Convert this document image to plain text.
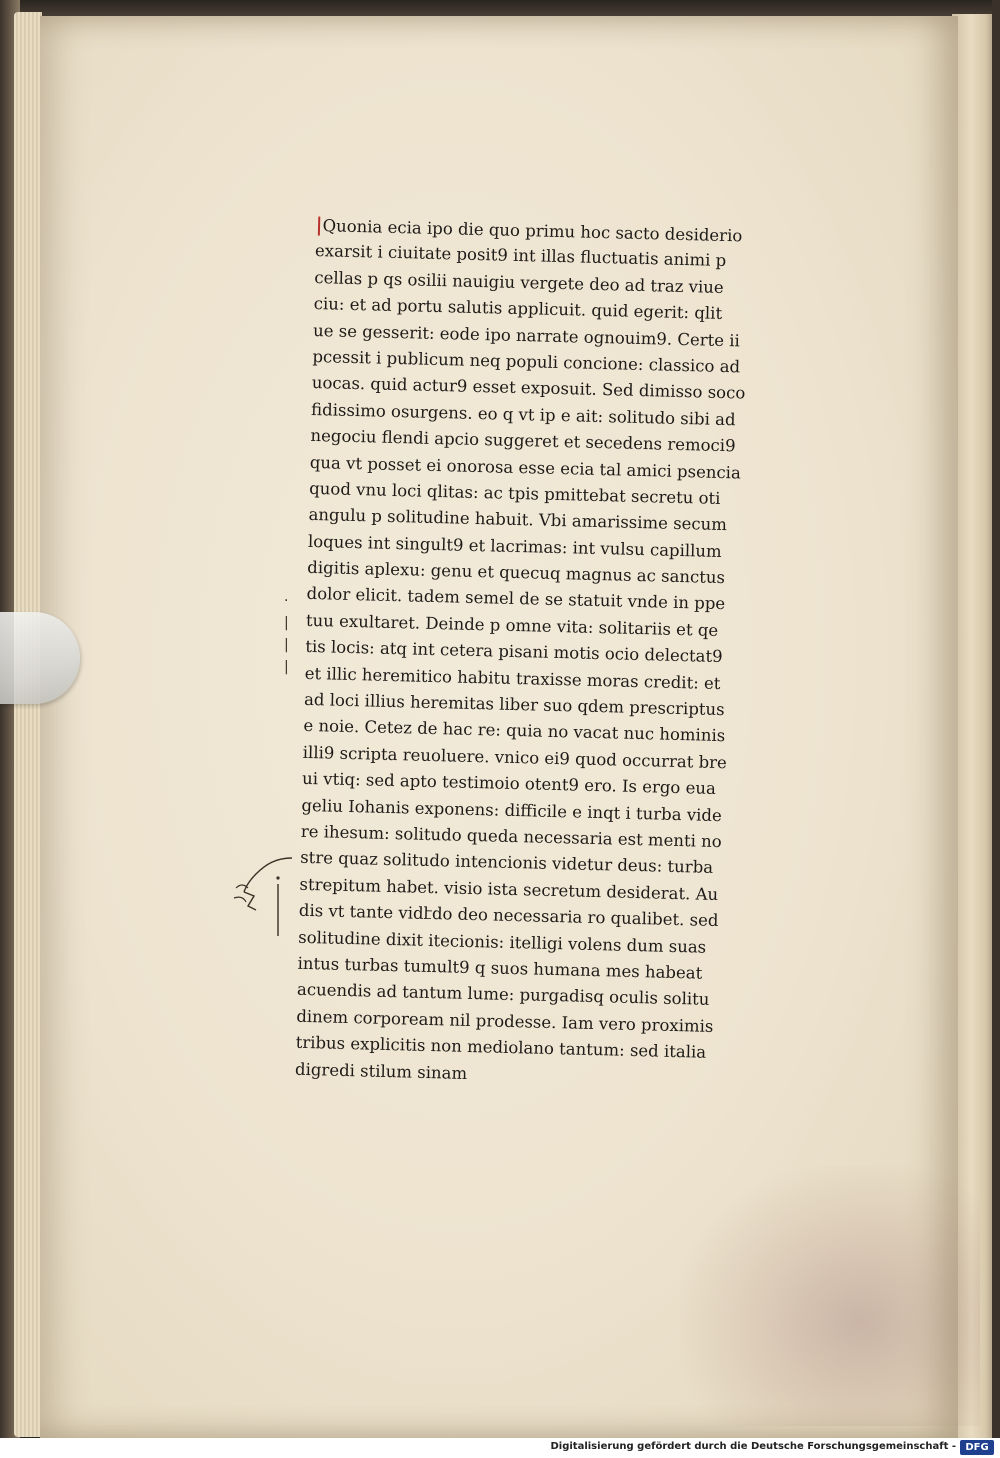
·
|
|
|
|Quonia ecia ipo die quo primu hoc sacto desiderio
exarsit i ciuitate posit9 int illas fluctuatis animi p
cellas p qs osilii nauigiu vergete deo ad traz viue
ciu: et ad portu salutis applicuit. quid egerit: qlit
ue se gesserit: eode ipo narrate ognouim9. Certe ii
pcessit i publicum neq populi concione: classico ad
uocas. quid actur9 esset exposuit. Sed dimisso soco
fidissimo osurgens. eo q vt ip e ait: solitudo sibi ad
negociu flendi apcio suggeret et secedens remoci9
qua vt posset ei onorosa esse ecia tal amici psencia
quod vnu loci qlitas: ac tpis pmittebat secretu oti
angulu p solitudine habuit. Vbi amarissime secum
loques int singult9 et lacrimas: int vulsu capillum
digitis aplexu: genu et quecuq magnus ac sanctus
dolor elicit. tadem semel de se statuit vnde in ppe
tuu exultaret. Deinde p omne vita: solitariis et qe
tis locis: atq int cetera pisani motis ocio delectat9
et illic heremitico habitu traxisse moras credit: et
ad loci illius heremitas liber suo qdem prescriptus
e noie. Cetez de hac re: quia no vacat nuc hominis
illi9 scripta reuoluere. vnico ei9 quod occurrat bre
ui vtiq: sed apto testimoio otent9 ero. Is ergo eua
geliu Iohanis exponens: difficile e inqt i turba vide
re ihesum: solitudo queda necessaria est menti no
stre quaz solitudo intencionis videtur deus: turba
strepitum habet. visio ista secretum desiderat. Au
dis vt tante vidէdo deo necessaria ro qualibet. sed
solitudine dixit itecionis: itelligi volens dum suas
intus turbas tumult9 q suos humana mes habeat
acuendis ad tantum lume: purgadisq oculis solitu
dinem corpoream nil prodesse. Iam vero proximis
tribus explicitis non mediolano tantum: sed italia
digredi stilum sinam
Digitalisierung gefördert durch die Deutsche Forschungsgemeinschaft - DFG
